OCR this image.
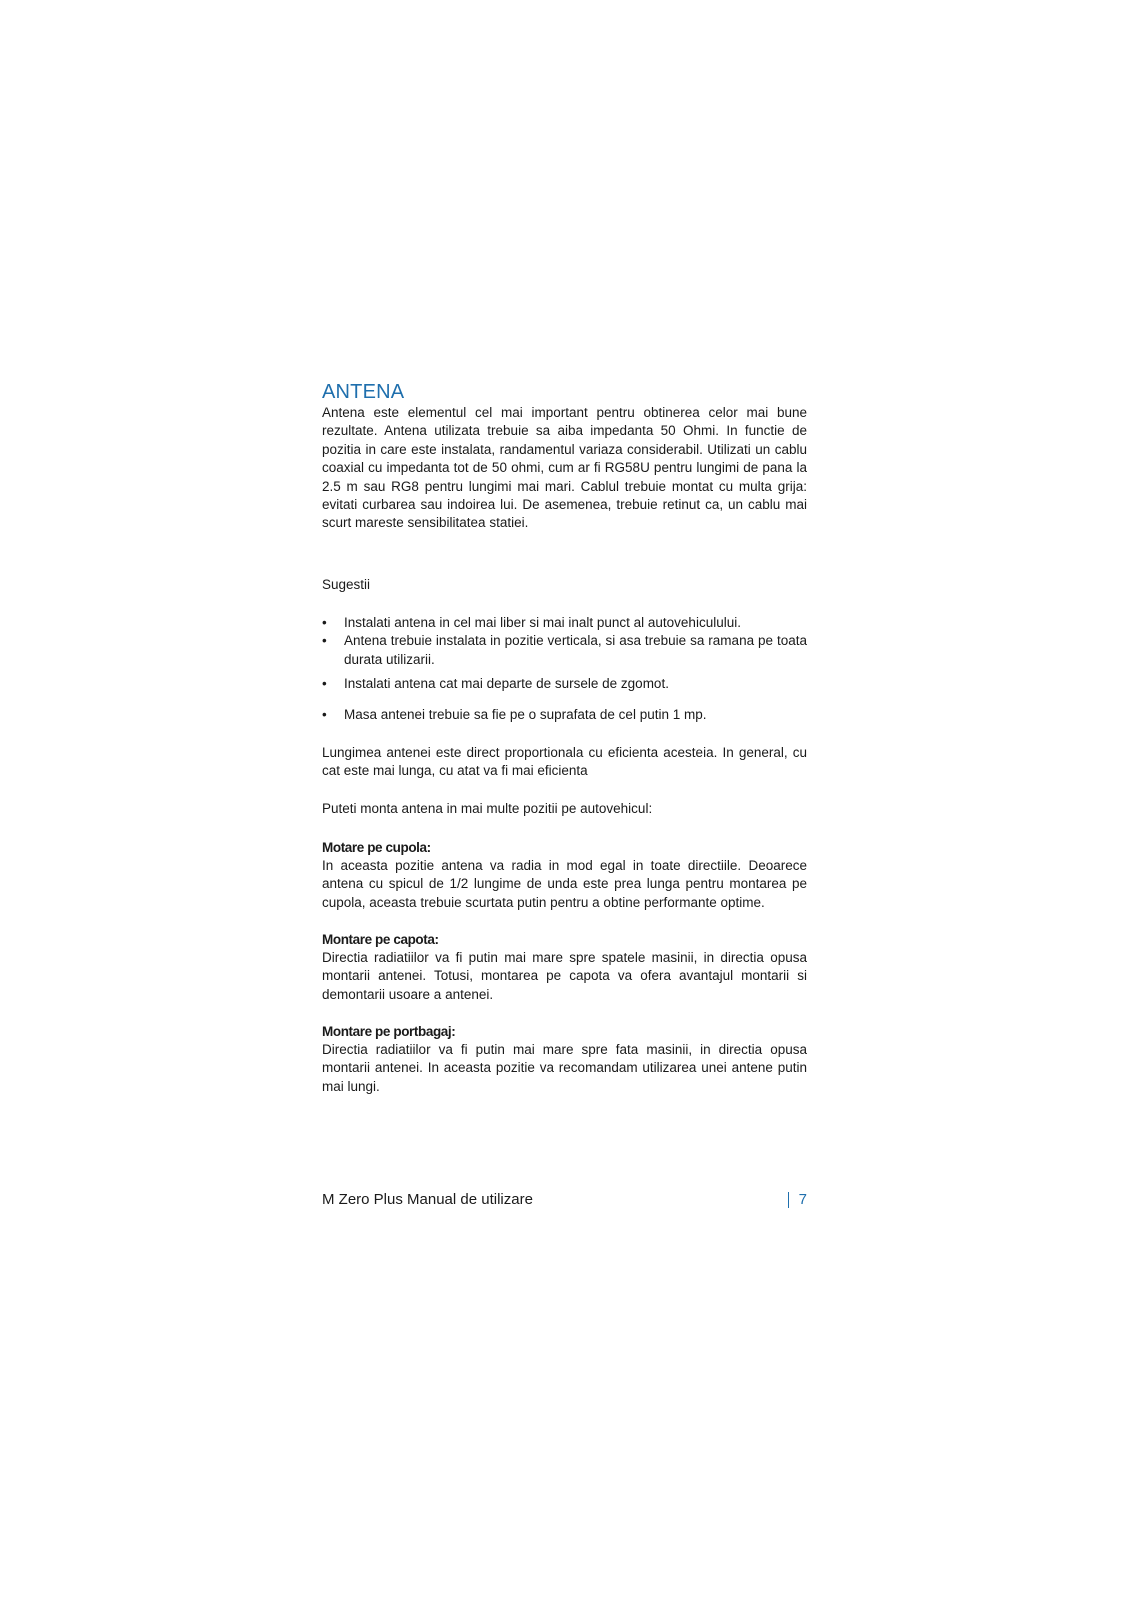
ANTENA

Antena este elementul cel mai important pentru obtinerea celor mai bune rezultate. Antena utilizata trebuie sa aiba impedanta 50 Ohmi. In functie de pozitia in care este instalata, randamentul variaza considerabil. Utilizati un cablu coaxial cu impedanta tot de 50 ohmi, cum ar fi RG58U pentru lungimi de pana la 2.5 m sau RG8 pentru lungimi mai mari. Cablul trebuie montat cu multa grija: evitati curbarea sau indoirea lui. De asemenea, trebuie retinut ca, un cablu mai scurt mareste sensibilitatea statiei.

Sugestii

• Instalati antena in cel mai liber si mai inalt punct al autovehiculului.
• Antena trebuie instalata in pozitie verticala, si asa trebuie sa ramana pe toata durata utilizarii.
• Instalati antena cat mai departe de sursele de zgomot.
• Masa antenei trebuie sa fie pe o suprafata de cel putin 1 mp.

Lungimea antenei este direct proportionala cu eficienta acesteia. In general, cu cat este mai lunga, cu atat va fi mai eficienta

Puteti monta antena in mai multe pozitii pe autovehicul:

Motare pe cupola:

In aceasta pozitie antena va radia in mod egal in toate directiile. Deoarece antena cu spicul de 1/2 lungime de unda este prea lunga pentru montarea pe cupola, aceasta trebuie scurtata putin pentru a obtine performante optime.

Montare pe capota:

Directia radiatiilor va fi putin mai mare spre spatele masinii, in directia opusa montarii antenei. Totusi, montarea pe capota va ofera avantajul montarii si demontarii usoare a antenei.

Montare pe portbagaj:

Directia radiatiilor va fi putin mai mare spre fata masinii, in directia opusa montarii antenei. In aceasta pozitie va recomandam utilizarea unei antene putin mai lungi.

M Zero Plus Manual de utilizare	7
